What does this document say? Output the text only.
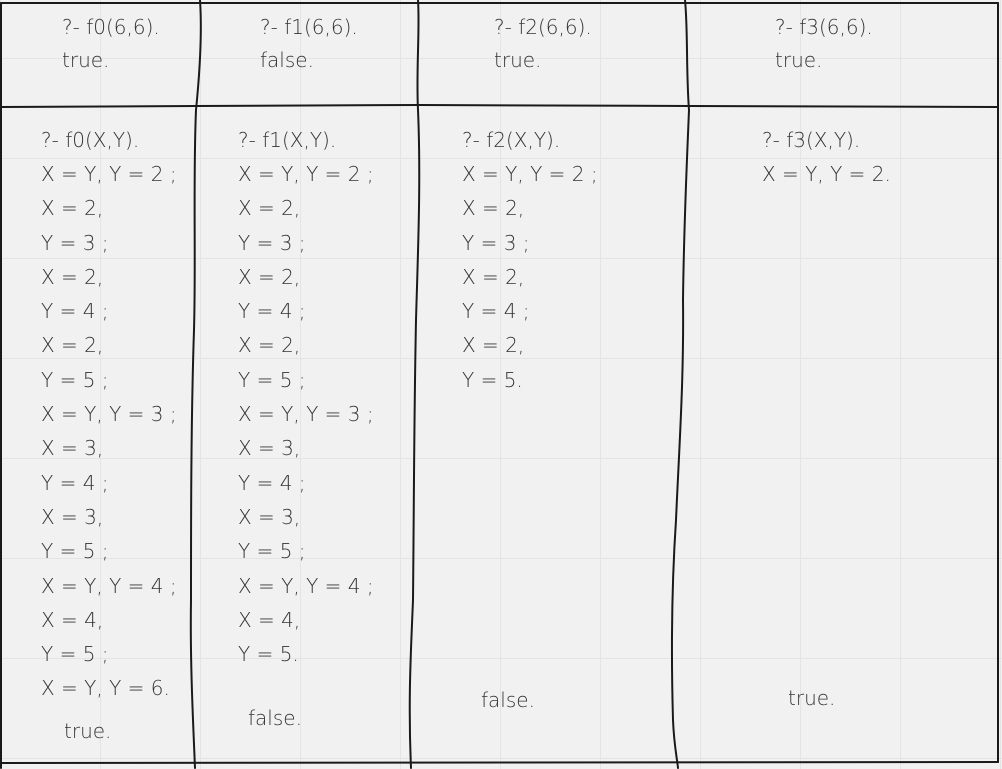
?- f0(6,6).
true.
?- f0(X,Y).
X = Y, Y = 2 ;
X = 2,
Y = 3 ;
X = 2,
Y = 4 ;
X = 2,
Y = 5 ;
X = Y, Y = 3 ;
X = 3,
Y = 4 ;
X = 3,
Y = 5 ;
X = Y, Y = 4 ;
X = 4,
Y = 5 ;
X = Y, Y = 6.
true.
?- f1(6,6).
false.
?- f1(X,Y).
X = Y, Y = 2 ;
X = 2,
Y = 3 ;
X = 2,
Y = 4 ;
X = 2,
Y = 5 ;
X = Y, Y = 3 ;
X = 3,
Y = 4 ;
X = 3,
Y = 5 ;
X = Y, Y = 4 ;
X = 4,
Y = 5.
false.
?- f2(6,6).
true.
?- f2(X,Y).
X = Y, Y = 2 ;
X = 2,
Y = 3 ;
X = 2,
Y = 4 ;
X = 2,
Y = 5.
false.
?- f3(6,6).
true.
?- f3(X,Y).
X = Y, Y = 2.
true.
